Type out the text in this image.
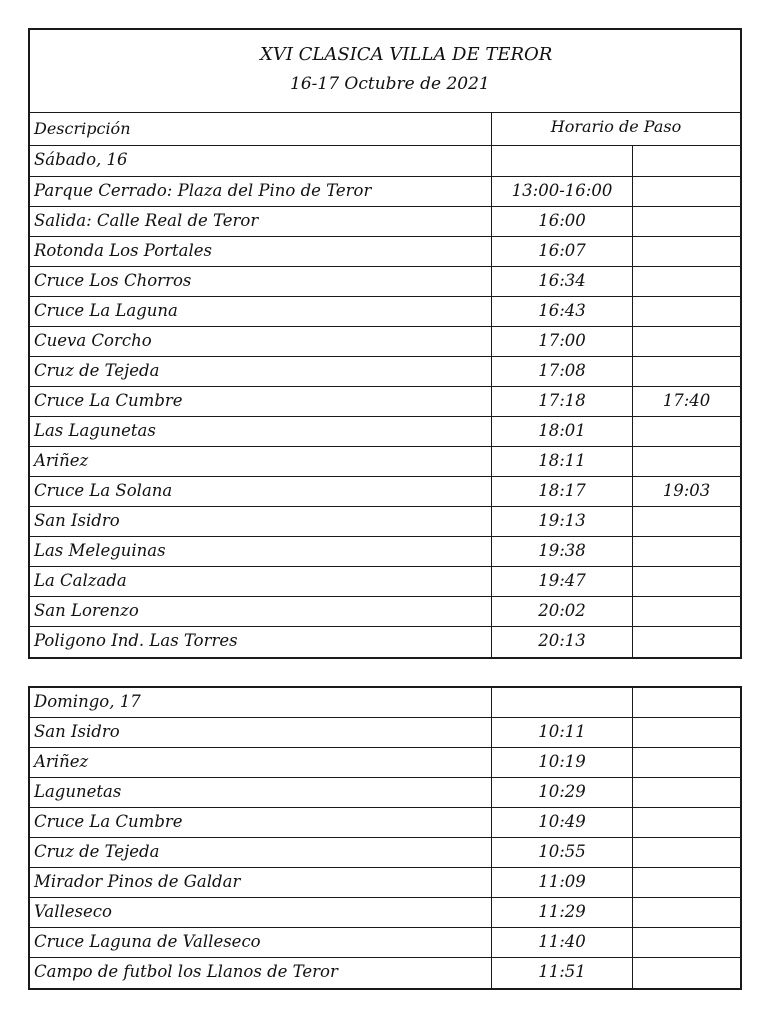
XVI CLASICA VILLA DE TEROR
16-17 Octubre de 2021
Descripción	Horario de Paso
Sábado, 16
Parque Cerrado: Plaza del Pino de Teror	13:00-16:00
Salida: Calle Real de Teror	16:00
Rotonda Los Portales	16:07
Cruce Los Chorros	16:34
Cruce La Laguna	16:43
Cueva Corcho	17:00
Cruz de Tejeda	17:08
Cruce La Cumbre	17:18	17:40
Las Lagunetas	18:01
Ariñez	18:11
Cruce La Solana	18:17	19:03
San Isidro	19:13
Las Meleguinas	19:38
La Calzada	19:47
San Lorenzo	20:02
Poligono Ind. Las Torres	20:13
Domingo, 17
San Isidro	10:11
Ariñez	10:19
Lagunetas	10:29
Cruce La Cumbre	10:49
Cruz de Tejeda	10:55
Mirador Pinos de Galdar	11:09
Valleseco	11:29
Cruce Laguna de Valleseco	11:40
Campo de futbol los Llanos de Teror	11:51
